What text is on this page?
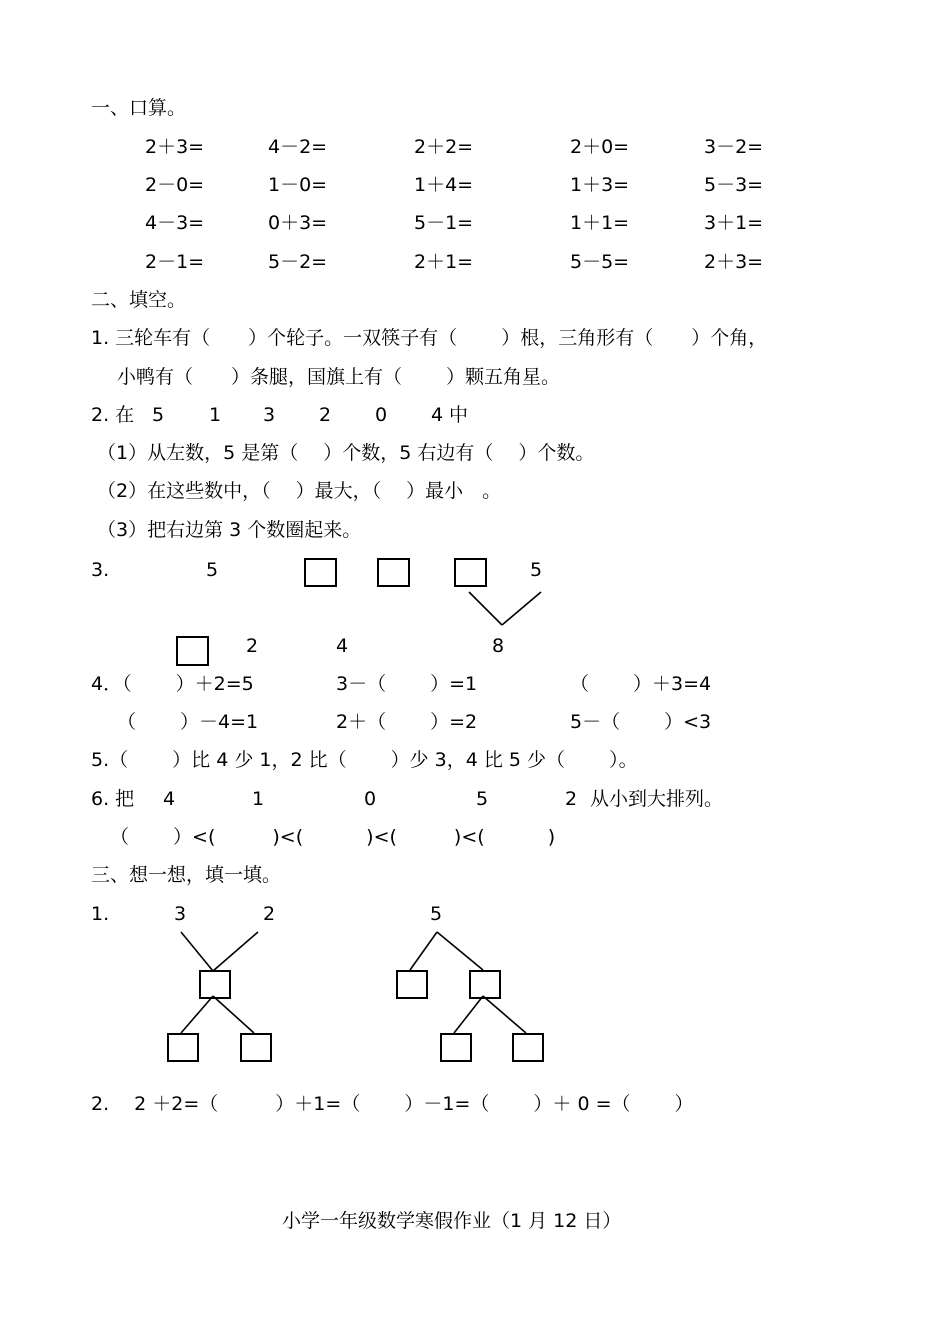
一、口算。
2＋3=	4－2=	2＋2=	2＋0=	3－2=
2－0=	1－0=	1＋4=	1＋3=	5－3=
4－3=	0＋3=	5－1=	1＋1=	3＋1=
2－1=	5－2=	2＋1=	5－5=	2＋3=
二、填空。
1. 三轮车有（　　）个轮子。一双筷子有（　　 ）根，三角形有（　　）个角，
小鸭有（　　）条腿，国旗上有（　　 ）颗五角星。
2. 在 5 1 3 2 0 4 中
（1）从左数，5 是第（　 ）个数，5 右边有（　 ）个数。
（2）在这些数中，（　 ）最大，（　 ）最小　。
（3）把右边第 3 个数圈起来。
3.	5	5
2	4	8
4．（　　 ）＋2=5	3－（　　 ）=1	（　　 ）＋3=4
（　　 ）－4=1	2＋（　　 ）=2	5－（　　 ）<3
5.（　　 ）比 4 少 1，2 比（　　 ）少 3，4 比 5 少（　　 ）。
6. 把 4	1	0	5	2 从小到大排列。
（　　 ）<(　　　)<(　　　 )<(　　　)<(　　　 )
三、想一想，填一填。
1.	3	2	5
2.　 2 ＋2=（　　　）＋1=（　　 ）－1=（　　 ）＋ 0 =（　　 ）
小学一年级数学寒假作业（1 月 12 日）
